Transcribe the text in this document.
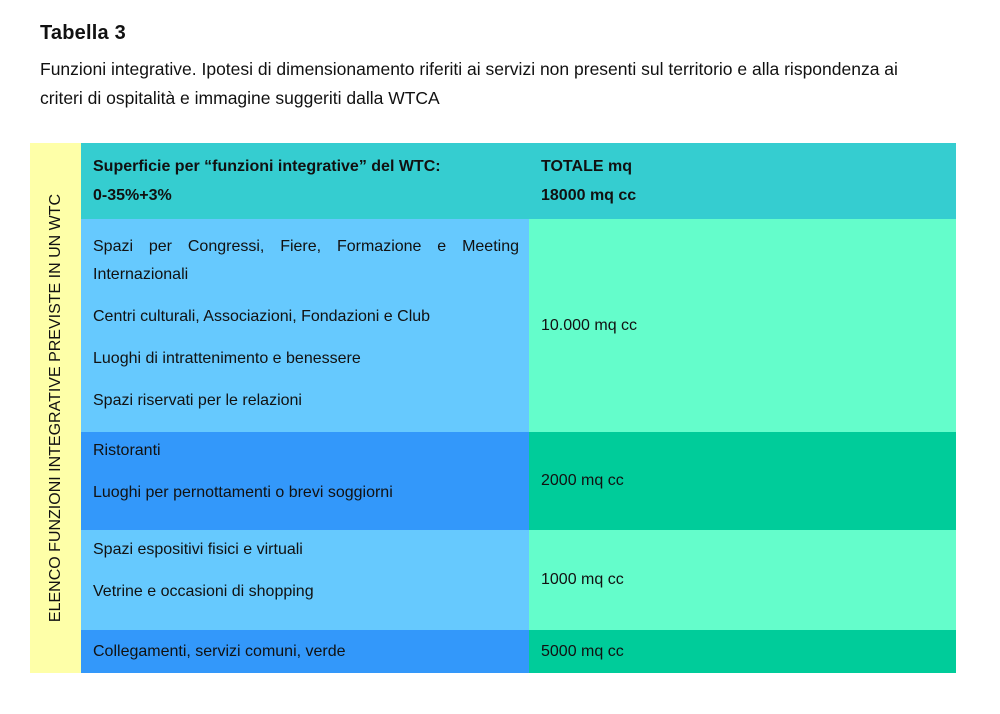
Tabella 3
Funzioni integrative. Ipotesi di dimensionamento riferiti ai servizi non presenti sul territorio e alla rispondenza ai criteri di ospitalità e immagine suggeriti dalla WTCA
ELENCO FUNZIONI INTEGRATIVE PREVISTE IN UN WTC
Superficie per “funzioni integrative” del WTC:
0-35%+3%
TOTALE mq
18000 mq cc
Spazi per Congressi, Fiere, Formazione e Meeting Internazionali
Centri culturali, Associazioni, Fondazioni e Club
Luoghi di intrattenimento e benessere
Spazi riservati per le relazioni
10.000 mq cc
Ristoranti
Luoghi per pernottamenti o brevi soggiorni
2000 mq cc
Spazi espositivi fisici e virtuali
Vetrine e occasioni di shopping
1000 mq cc
Collegamenti, servizi comuni, verde	5000 mq cc
